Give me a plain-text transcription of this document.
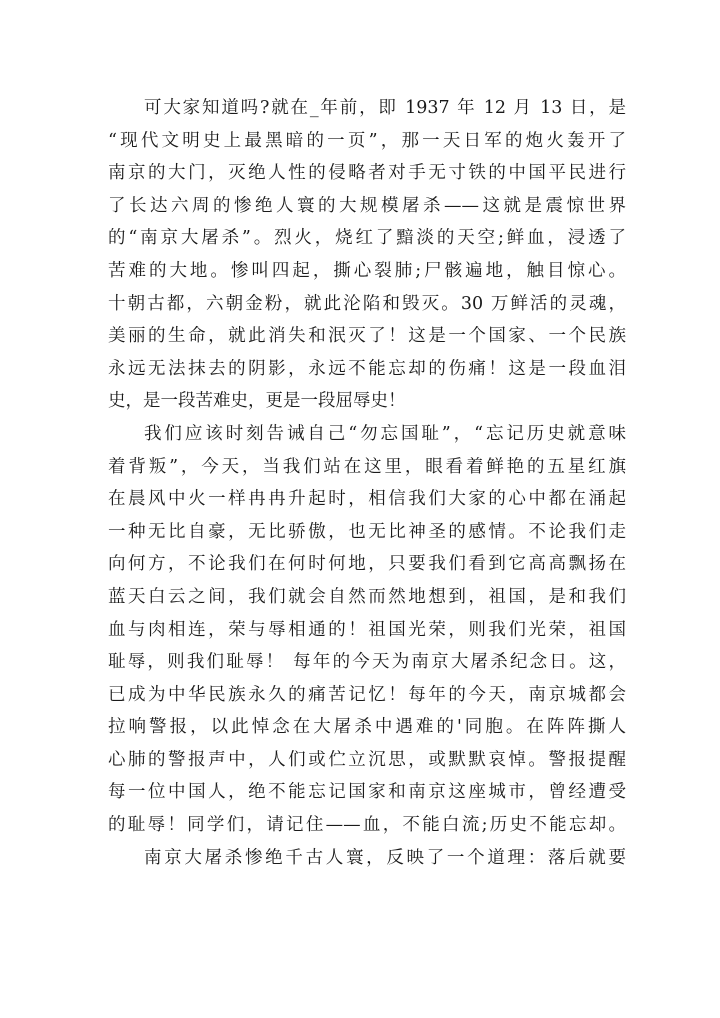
可大家知道吗?就在_年前，即 1937 年 12 月 13 日，是
“现代文明史上最黑暗的一页”，那一天日军的炮火轰开了
南京的大门，灭绝人性的侵略者对手无寸铁的中国平民进行
了长达六周的惨绝人寰的大规模屠杀——这就是震惊世界
的“南京大屠杀”。烈火，烧红了黯淡的天空;鲜血，浸透了
苦难的大地。惨叫四起，撕心裂肺;尸骸遍地，触目惊心。
十朝古都，六朝金粉，就此沦陷和毁灭。30 万鲜活的灵魂，
美丽的生命，就此消失和泯灭了！这是一个国家、一个民族
永远无法抹去的阴影，永远不能忘却的伤痛！这是一段血泪
史，是一段苦难史，更是一段屈辱史！
我们应该时刻告诫自己“勿忘国耻”，“忘记历史就意味
着背叛”，今天，当我们站在这里，眼看着鲜艳的五星红旗
在晨风中火一样冉冉升起时，相信我们大家的心中都在涌起
一种无比自豪，无比骄傲，也无比神圣的感情。不论我们走
向何方，不论我们在何时何地，只要我们看到它高高飘扬在
蓝天白云之间，我们就会自然而然地想到，祖国，是和我们
血与肉相连，荣与辱相通的！祖国光荣，则我们光荣，祖国
耻辱，则我们耻辱！ 每年的今天为南京大屠杀纪念日。这，
已成为中华民族永久的痛苦记忆！每年的今天，南京城都会
拉响警报，以此悼念在大屠杀中遇难的'同胞。在阵阵撕人
心肺的警报声中，人们或伫立沉思，或默默哀悼。警报提醒
每一位中国人，绝不能忘记国家和南京这座城市，曾经遭受
的耻辱！同学们，请记住——血，不能白流;历史不能忘却。
南京大屠杀惨绝千古人寰，反映了一个道理：落后就要
